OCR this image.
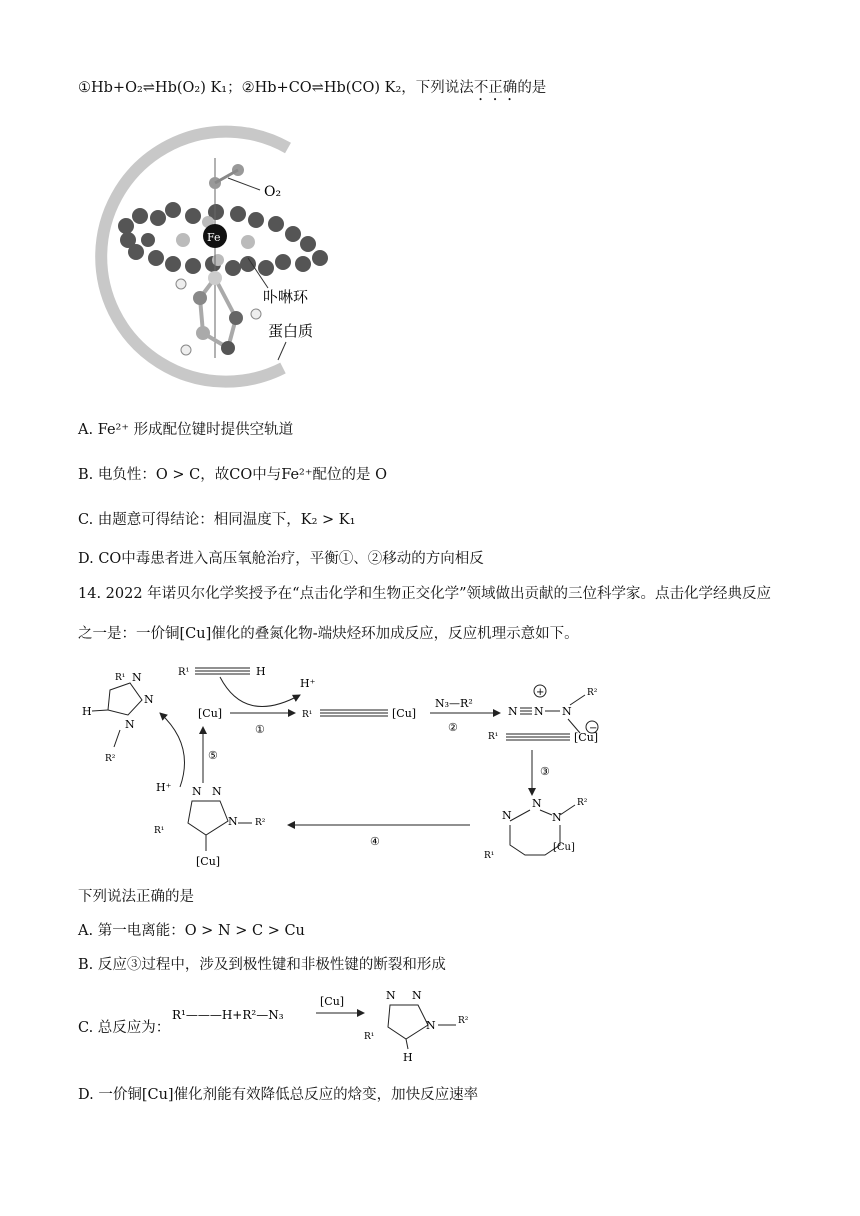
①Hb+O₂⇌Hb(O₂) K₁；②Hb+CO⇌Hb(CO) K₂，下列说法不正确的是
O₂
Fe
卟啉环
蛋白质
A. Fe²⁺ 形成配位键时提供空轨道
B. 电负性：O > C，故CO中与Fe²⁺配位的是 O
C. 由题意可得结论：相同温度下，K₂ > K₁
D. CO中毒患者进入高压氧舱治疗，平衡①、②移动的方向相反
14. 2022 年诺贝尔化学奖授予在“点击化学和生物正交化学”领域做出贡献的三位科学家。点击化学经典反应
之一是：一价铜[Cu]催化的叠氮化物-端炔烃环加成反应，反应机理示意如下。
R¹ N
N
N
H
R²
R¹	H
H⁺
[Cu]
①
R¹	[Cu]
N₃—R²
②
N N
+
N
R²
−
R¹	[Cu]
③
N
N
N
R²
[Cu]
R¹
④
N N
N R²
R¹
[Cu]
H⁺
⑤
下列说法正确的是
A. 第一电离能：O > N > C > Cu
B. 反应③过程中，涉及到极性键和非极性键的断裂和形成
C. 总反应为：
R¹———H+R²—N₃
[Cu]	N N
N R²
R¹
H
D. 一价铜[Cu]催化剂能有效降低总反应的焓变，加快反应速率
